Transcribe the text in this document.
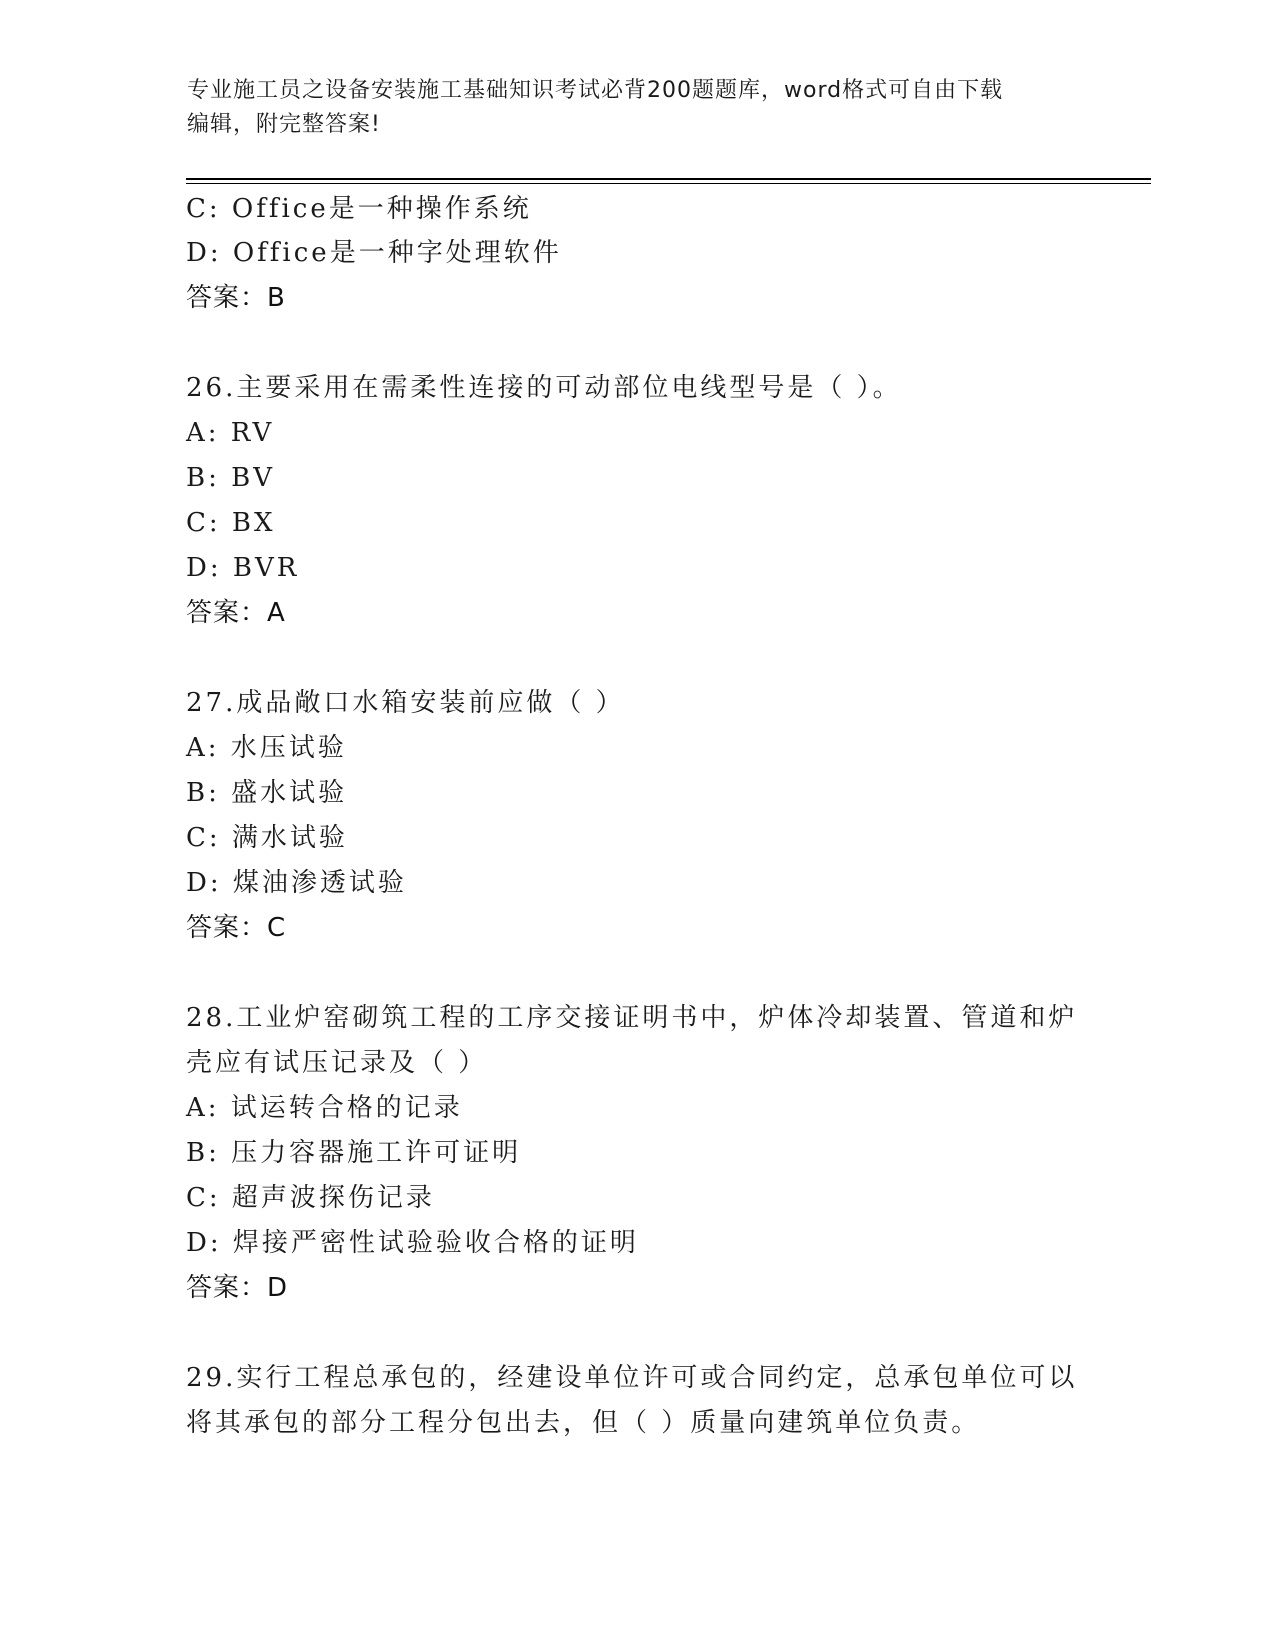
专业施工员之设备安装施工基础知识考试必背200题题库，word格式可自由下载
编辑，附完整答案!
C: Office是一种操作系统
D: Office是一种字处理软件
答案：B
26.主要采用在需柔性连接的可动部位电线型号是（ ）。
A: RV
B: BV
C: BX
D: BVR
答案：A
27.成品敞口水箱安装前应做（ ）
A: 水压试验
B: 盛水试验
C: 满水试验
D: 煤油渗透试验
答案：C
28.工业炉窑砌筑工程的工序交接证明书中，炉体冷却装置、管道和炉
壳应有试压记录及（ ）
A: 试运转合格的记录
B: 压力容器施工许可证明
C: 超声波探伤记录
D: 焊接严密性试验验收合格的证明
答案：D
29.实行工程总承包的，经建设单位许可或合同约定，总承包单位可以
将其承包的部分工程分包出去，但（ ）质量向建筑单位负责。
